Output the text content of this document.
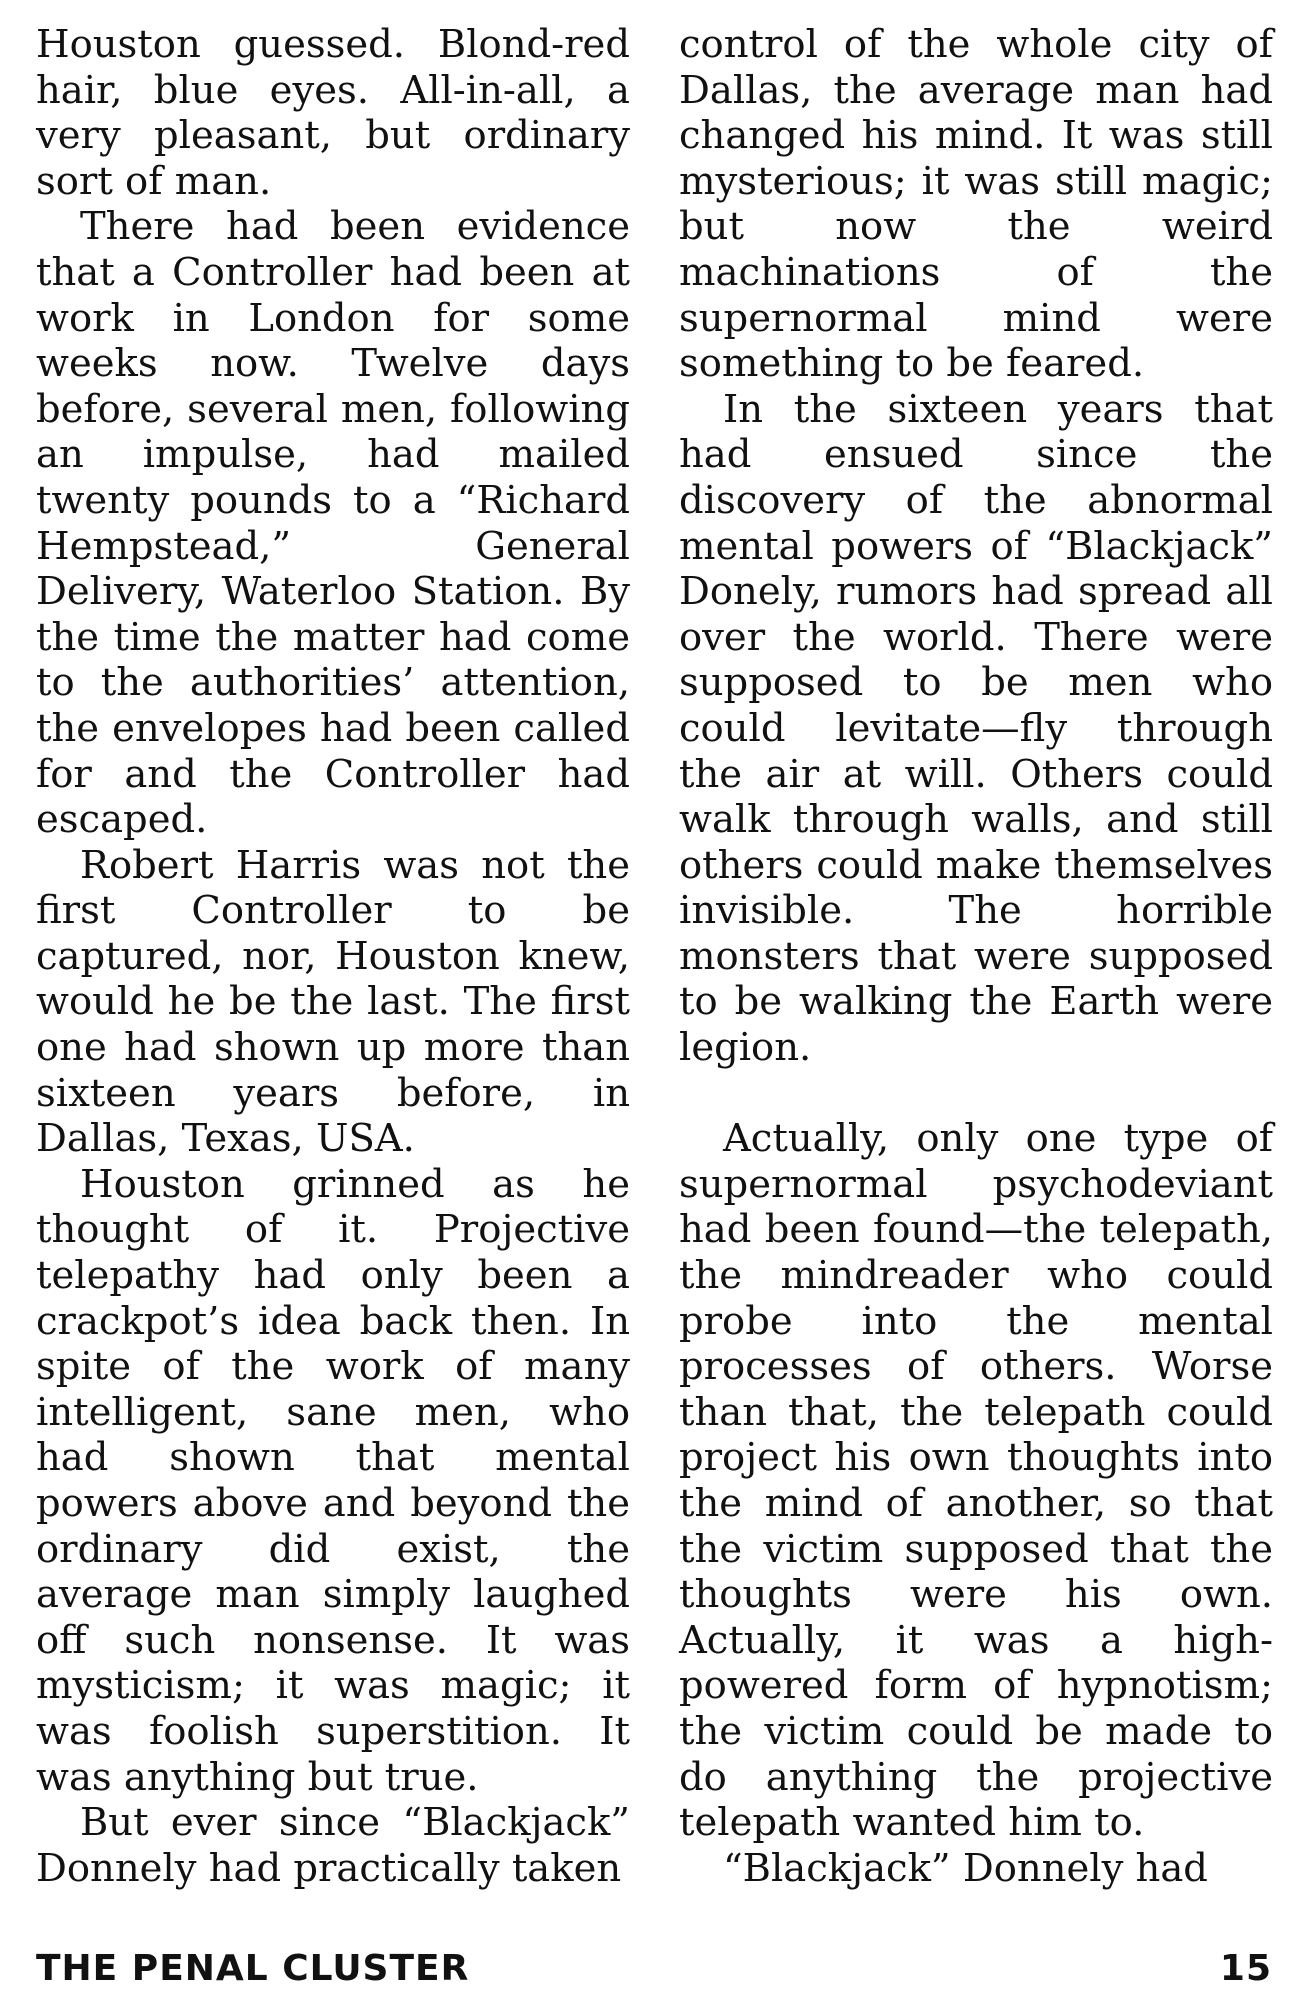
Houston guessed. Blond-red hair, blue eyes. All-in-all, a very pleasant, but ordinary sort of man.

There had been evidence that a Controller had been at work in London for some weeks now. Twelve days before, several men, following an impulse, had mailed twenty pounds to a “Richard Hempstead,” General Delivery, Waterloo Station. By the time the matter had come to the authorities’ attention, the envelopes had been called for and the Controller had escaped.

Robert Harris was not the first Controller to be captured, nor, Houston knew, would he be the last. The first one had shown up more than sixteen years before, in Dallas, Texas, USA.

Houston grinned as he thought of it. Projective telepathy had only been a crackpot’s idea back then. In spite of the work of many intelligent, sane men, who had shown that mental powers above and beyond the ordinary did exist, the average man simply laughed off such nonsense. It was mysticism; it was magic; it was foolish superstition. It was anything but true.

But ever since “Blackjack” Donnely had practically taken

control of the whole city of Dallas, the average man had changed his mind. It was still mysterious; it was still magic; but now the weird machinations of the supernormal mind were something to be feared.

In the sixteen years that had ensued since the discovery of the abnormal mental powers of “Blackjack” Donely, rumors had spread all over the world. There were supposed to be men who could levitate—fly through the air at will. Others could walk through walls, and still others could make themselves invisible. The horrible monsters that were supposed to be walking the Earth were legion.

Actually, only one type of supernormal psychodeviant had been found—the telepath, the mindreader who could probe into the mental processes of others. Worse than that, the telepath could project his own thoughts into the mind of another, so that the victim supposed that the thoughts were his own. Actually, it was a high-powered form of hypnotism; the victim could be made to do anything the projective telepath wanted him to.

“Blackjack” Donnely had

THE PENAL CLUSTER	15
